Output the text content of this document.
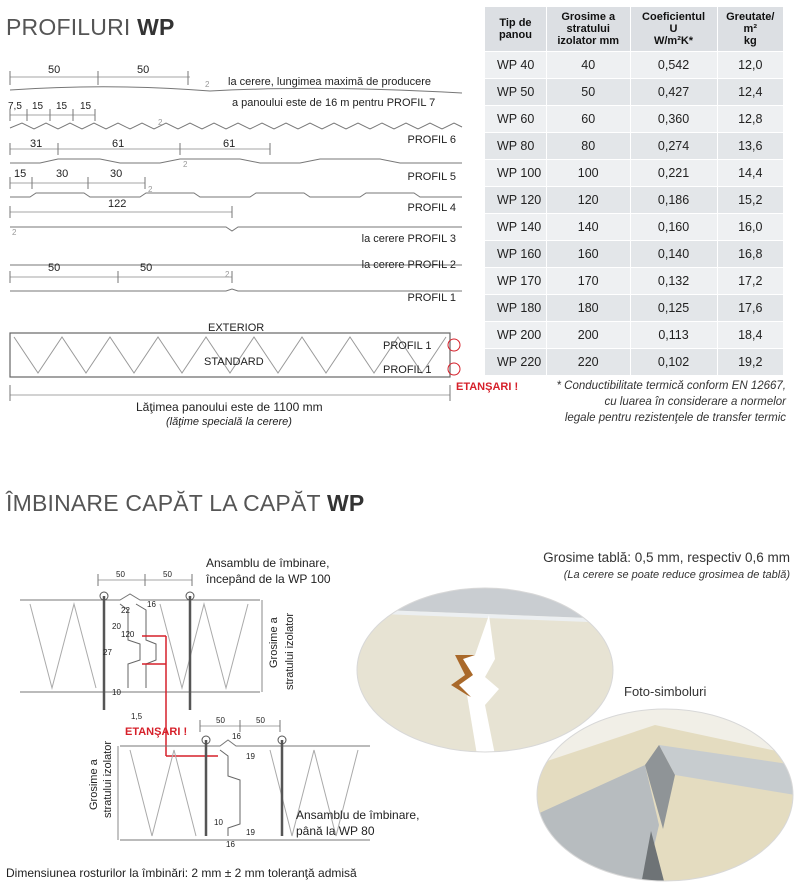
PROFILURI WP
50	50
la cerere, lungimea maximă de producere
a panoului este de 16 m pentru PROFIL 7
2
7,5 15 15 15
2
PROFIL 6
31	61	61
2
PROFIL 5
15	30	30
2
PROFIL 4
122
2
la cerere PROFIL 3
la cerere PROFIL 2
50	50
2
PROFIL 1
EXTERIOR
STANDARD
PROFIL 1
PROFIL 1
ETANŞARI !
Lăţimea panoului este de 1100 mm
(lăţime specială la cerere)
Tip de
panou	Grosime a
stratului
izolator mm	Coeficientul
U
W/m²K*	Greutate/
m²
kg
WP 40	40	0,542	12,0
WP 50	50	0,427	12,4
WP 60	60	0,360	12,8
WP 80	80	0,274	13,6
WP 100	100	0,221	14,4
WP 120	120	0,186	15,2
WP 140	140	0,160	16,0
WP 160	160	0,140	16,8
WP 170	170	0,132	17,2
WP 180	180	0,125	17,6
WP 200	200	0,113	18,4
WP 220	220	0,102	19,2
* Conductibilitate termică conform EN 12667,
cu luarea în considerare a normelor
legale pentru rezistenţele de transfer termic
ÎMBINARE CAPĂT LA CAPĂT WP
Ansamblu de îmbinare,
începând de la WP 100
50	50
16
22
20
120
27
10
1,5
ETANŞARI !
Grosime a stratului izolator
50	50
16
19
19
10
16
Grosime a stratului izolator	Ansamblu de îmbinare,
până la WP 80
Dimensiunea rosturilor la îmbinări: 2 mm ± 2 mm toleranţă admisă
Grosime tablă: 0,5 mm, respectiv 0,6 mm
(La cerere se poate reduce grosimea de tablă)
Foto-simboluri
